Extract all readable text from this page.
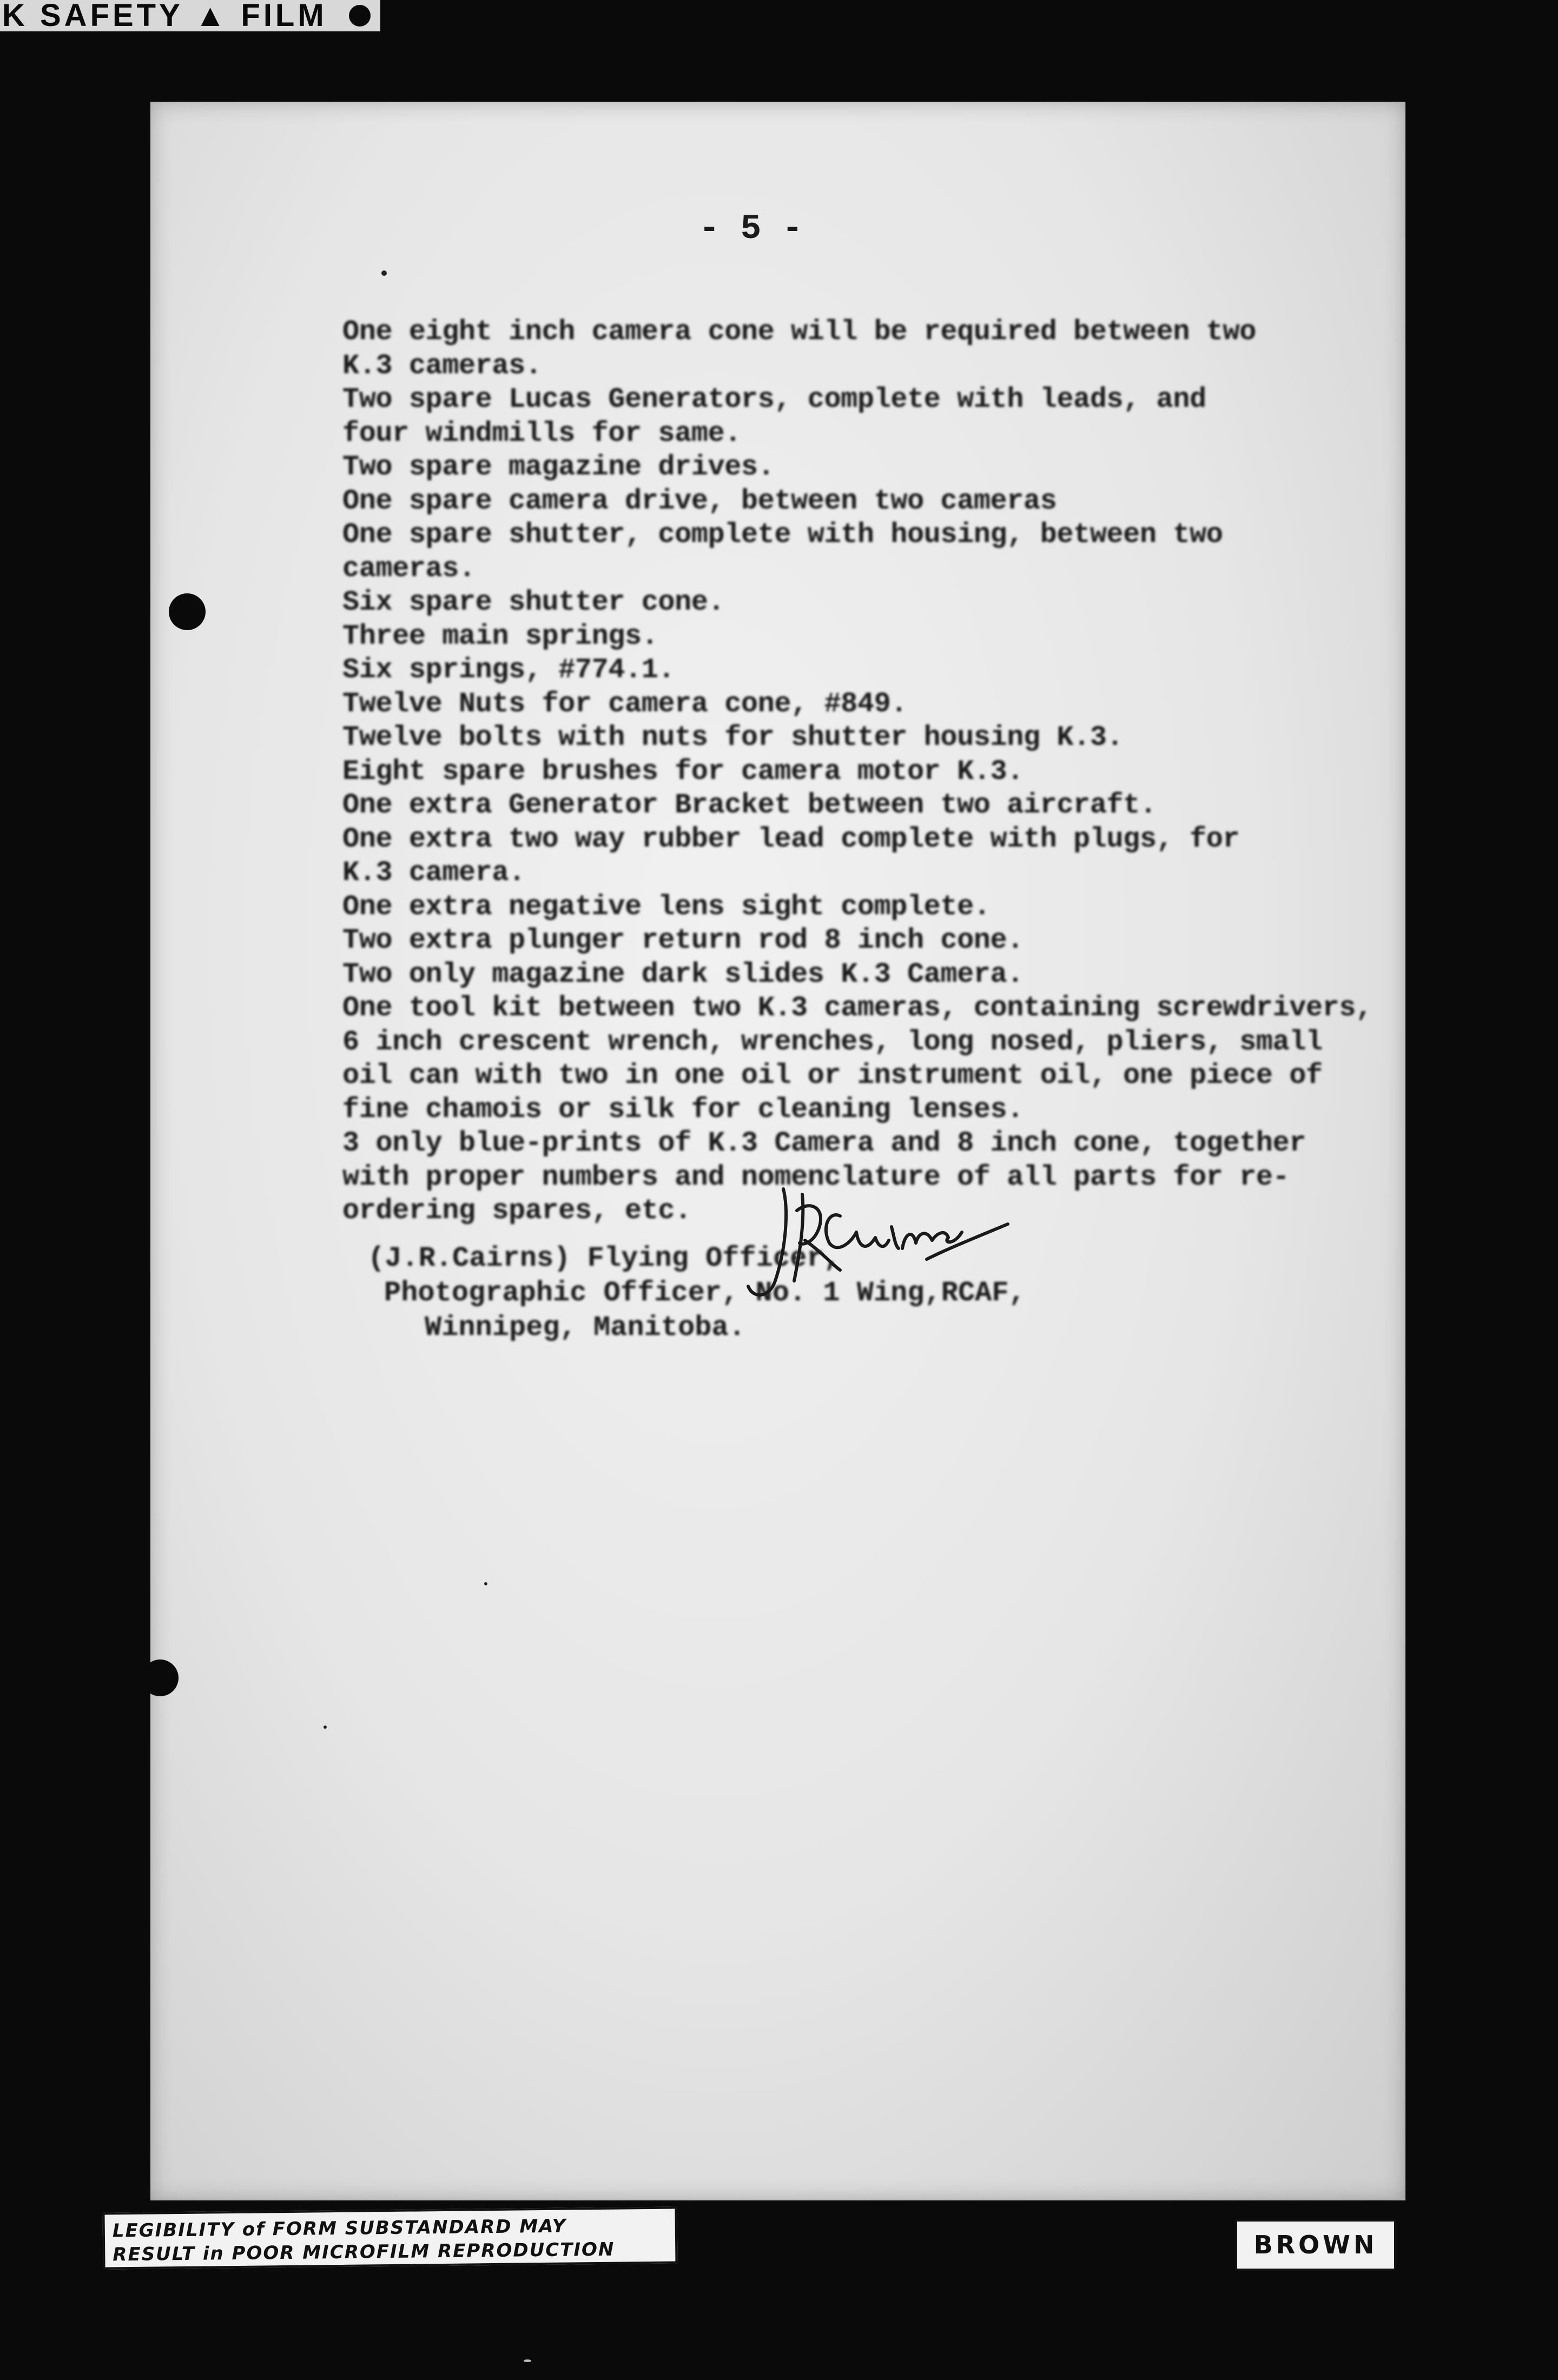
K SAFETY ▲ FILM
- 5 -
One eight inch camera cone will be required between two
K.3 cameras.
Two spare Lucas Generators, complete with leads, and
four windmills for same.
Two spare magazine drives.
One spare camera drive, between two cameras
One spare shutter, complete with housing, between two
cameras.
Six spare shutter cone.
Three main springs.
Six springs, #774.1.
Twelve Nuts for camera cone, #849.
Twelve bolts with nuts for shutter housing K.3.
Eight spare brushes for camera motor K.3.
One extra Generator Bracket between two aircraft.
One extra two way rubber lead complete with plugs, for
K.3 camera.
One extra negative lens sight complete.
Two extra plunger return rod 8 inch cone.
Two only magazine dark slides K.3 Camera.
One tool kit between two K.3 cameras, containing screwdrivers,
6 inch crescent wrench, wrenches, long nosed, pliers, small
oil can with two in one oil or instrument oil, one piece of
fine chamois or silk for cleaning lenses.
3 only blue-prints of K.3 Camera and 8 inch cone, together
with proper numbers and nomenclature of all parts for re-
ordering spares, etc.
JRCairns
(J.R.Cairns) Flying Officer,
Photographic Officer, No. 1 Wing,RCAF,
Winnipeg, Manitoba.
LEGIBILITY of FORM SUBSTANDARD MAY
RESULT in POOR MICROFILM REPRODUCTION	BROWN
